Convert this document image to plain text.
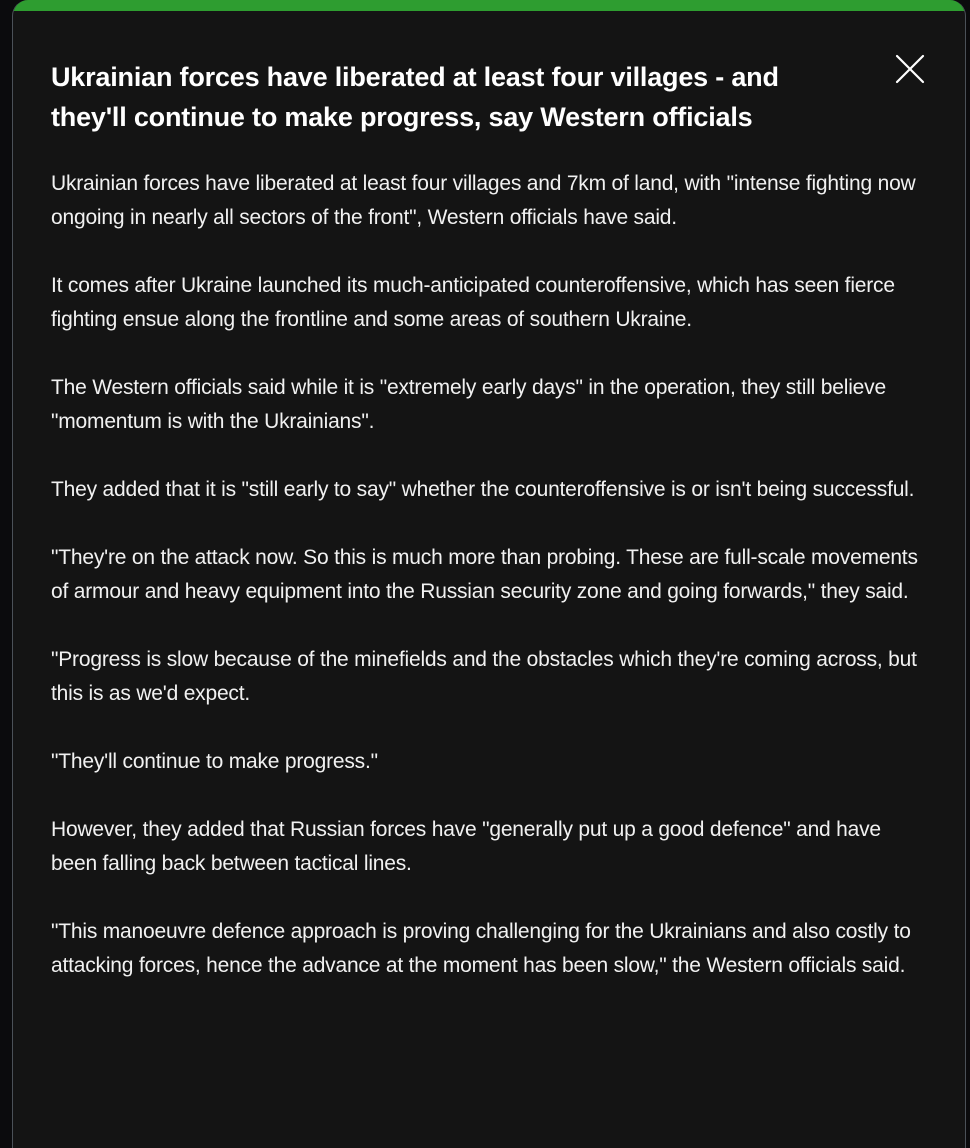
Ukrainian forces have liberated at least four villages - and they'll continue to make progress, say Western officials

Ukrainian forces have liberated at least four villages and 7km of land, with "intense fighting now ongoing in nearly all sectors of the front", Western officials have said.

It comes after Ukraine launched its much-anticipated counteroffensive, which has seen fierce fighting ensue along the frontline and some areas of southern Ukraine.

The Western officials said while it is "extremely early days" in the operation, they still believe "momentum is with the Ukrainians".

They added that it is "still early to say" whether the counteroffensive is or isn't being successful.

"They're on the attack now. So this is much more than probing. These are full-scale movements of armour and heavy equipment into the Russian security zone and going forwards," they said.

"Progress is slow because of the minefields and the obstacles which they're coming across, but this is as we'd expect.

"They'll continue to make progress."

However, they added that Russian forces have "generally put up a good defence" and have been falling back between tactical lines.

"This manoeuvre defence approach is proving challenging for the Ukrainians and also costly to attacking forces, hence the advance at the moment has been slow," the Western officials said.
